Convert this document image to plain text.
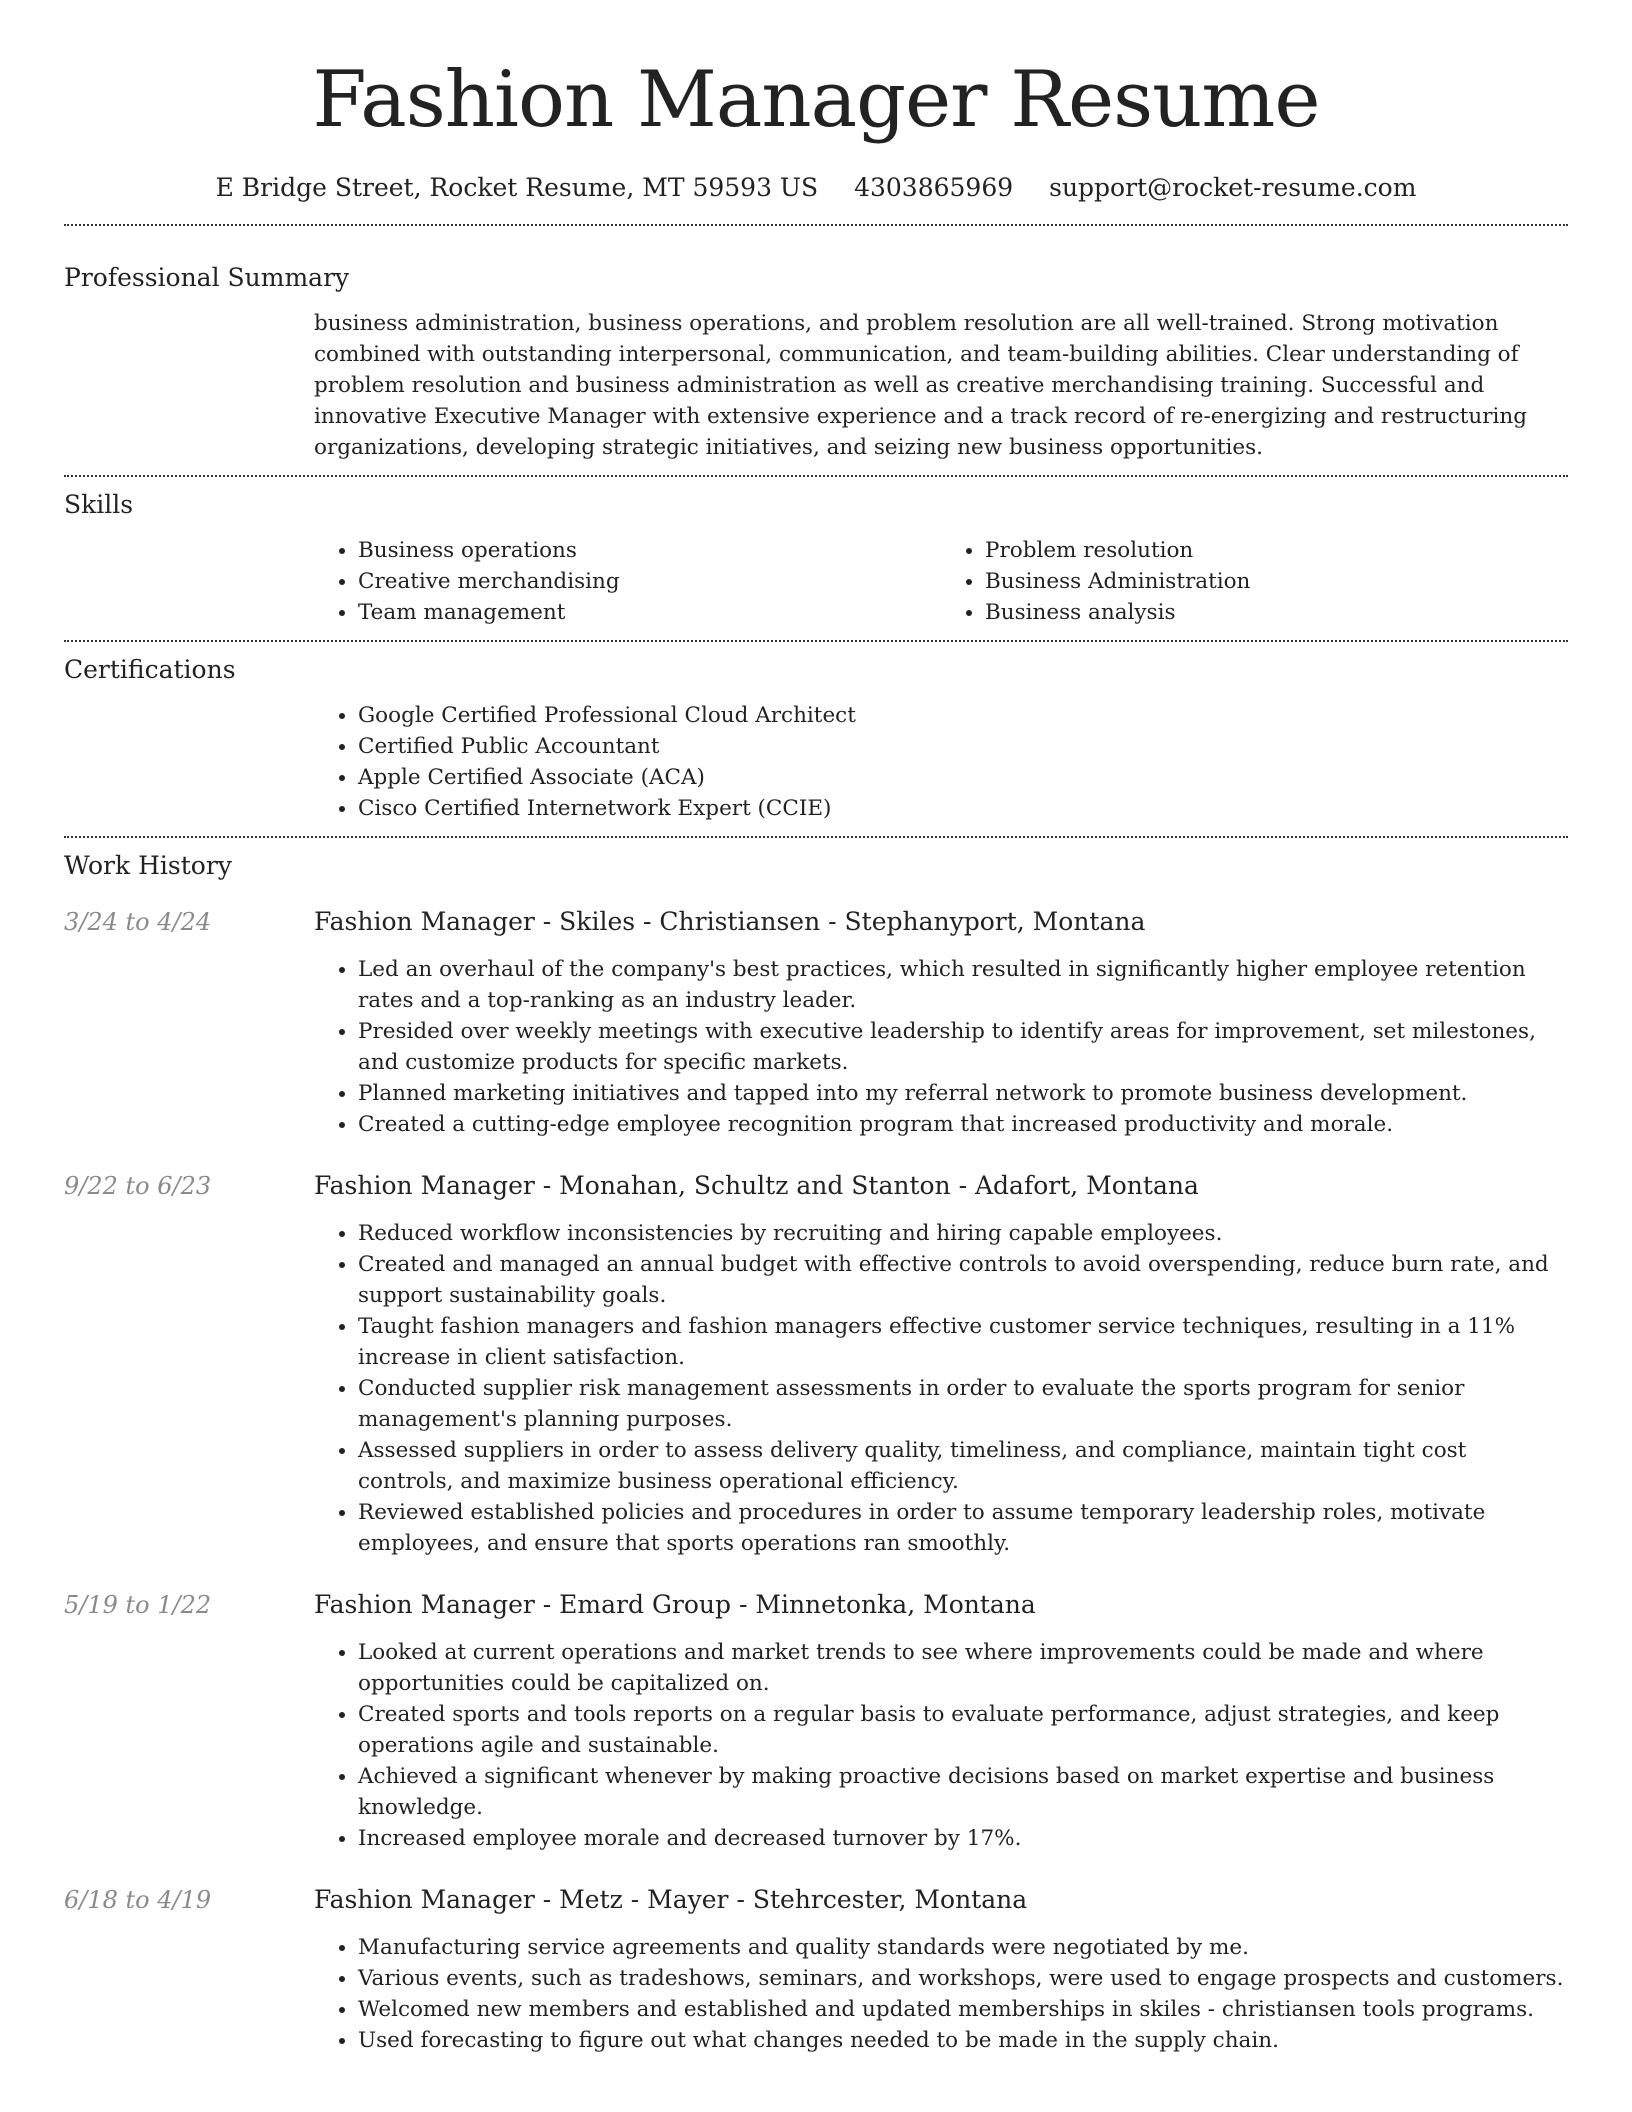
Fashion Manager Resume
E Bridge Street, Rocket Resume, MT 59593 US 4303865969 support@rocket-resume.com
Professional Summary

business administration, business operations, and problem resolution are all well-trained. Strong motivation combined with outstanding interpersonal, communication, and team-building abilities. Clear understanding of problem resolution and business administration as well as creative merchandising training. Successful and innovative Executive Manager with extensive experience and a track record of re-energizing and restructuring organizations, developing strategic initiatives, and seizing new business opportunities.

Skills
• Business operations
• Creative merchandising
• Team management
• Problem resolution
• Business Administration
• Business analysis
Certifications
• Google Certified Professional Cloud Architect
• Certified Public Accountant
• Apple Certified Associate (ACA)
• Cisco Certified Internetwork Expert (CCIE)
Work History
3/24 to 4/24	Fashion Manager - Skiles - Christiansen - Stephanyport, Montana
• Led an overhaul of the company's best practices, which resulted in significantly higher employee retention rates and a top-ranking as an industry leader.
• Presided over weekly meetings with executive leadership to identify areas for improvement, set milestones, and customize products for specific markets.
• Planned marketing initiatives and tapped into my referral network to promote business development.
• Created a cutting-edge employee recognition program that increased productivity and morale.
9/22 to 6/23	Fashion Manager - Monahan, Schultz and Stanton - Adafort, Montana
• Reduced workflow inconsistencies by recruiting and hiring capable employees.
• Created and managed an annual budget with effective controls to avoid overspending, reduce burn rate, and support sustainability goals.
• Taught fashion managers and fashion managers effective customer service techniques, resulting in a 11% increase in client satisfaction.
• Conducted supplier risk management assessments in order to evaluate the sports program for senior management's planning purposes.
• Assessed suppliers in order to assess delivery quality, timeliness, and compliance, maintain tight cost controls, and maximize business operational efficiency.
• Reviewed established policies and procedures in order to assume temporary leadership roles, motivate employees, and ensure that sports operations ran smoothly.
5/19 to 1/22	Fashion Manager - Emard Group - Minnetonka, Montana
• Looked at current operations and market trends to see where improvements could be made and where opportunities could be capitalized on.
• Created sports and tools reports on a regular basis to evaluate performance, adjust strategies, and keep operations agile and sustainable.
• Achieved a significant whenever by making proactive decisions based on market expertise and business knowledge.
• Increased employee morale and decreased turnover by 17%.
6/18 to 4/19	Fashion Manager - Metz - Mayer - Stehrcester, Montana
• Manufacturing service agreements and quality standards were negotiated by me.
• Various events, such as tradeshows, seminars, and workshops, were used to engage prospects and customers.
• Welcomed new members and established and updated memberships in skiles - christiansen tools programs.
• Used forecasting to figure out what changes needed to be made in the supply chain.
